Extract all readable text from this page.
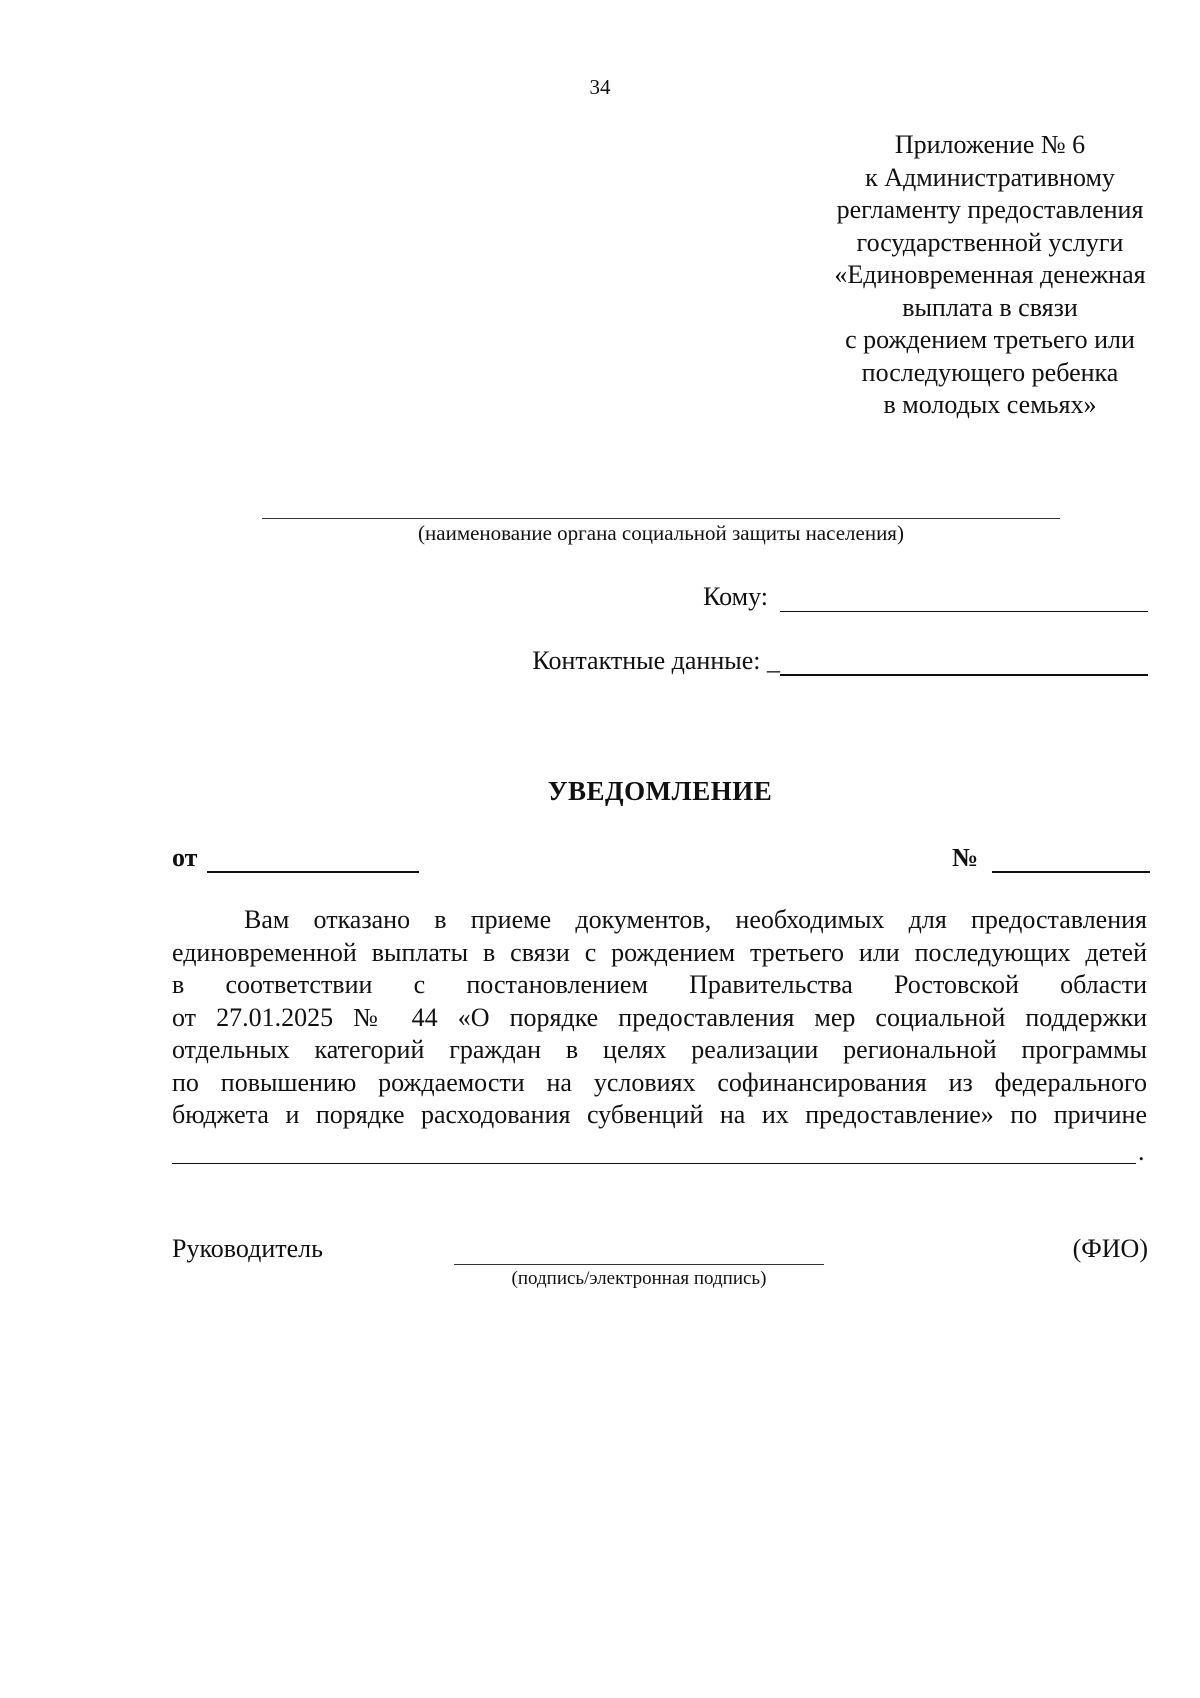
34
Приложение № 6
к Административному
регламенту предоставления
государственной услуги
«Единовременная денежная
выплата в связи
с рождением третьего или
последующего ребенка
в молодых семьях»
(наименование органа социальной защиты населения)
Кому:
Контактные данные: _
УВЕДОМЛЕНИЕ
от	№
Вам отказано в приеме документов, необходимых для предоставления
единовременной выплаты в связи с рождением третьего или последующих детей
в соответствии с постановлением Правительства Ростовской области
от 27.01.2025 № 44 «О порядке предоставления мер социальной поддержки
отдельных категорий граждан в целях реализации региональной программы
по повышению рождаемости на условиях софинансирования из федерального
бюджета и порядке расходования субвенций на их предоставление» по причине
.
Руководитель
(подпись/электронная подпись)
(ФИО)
